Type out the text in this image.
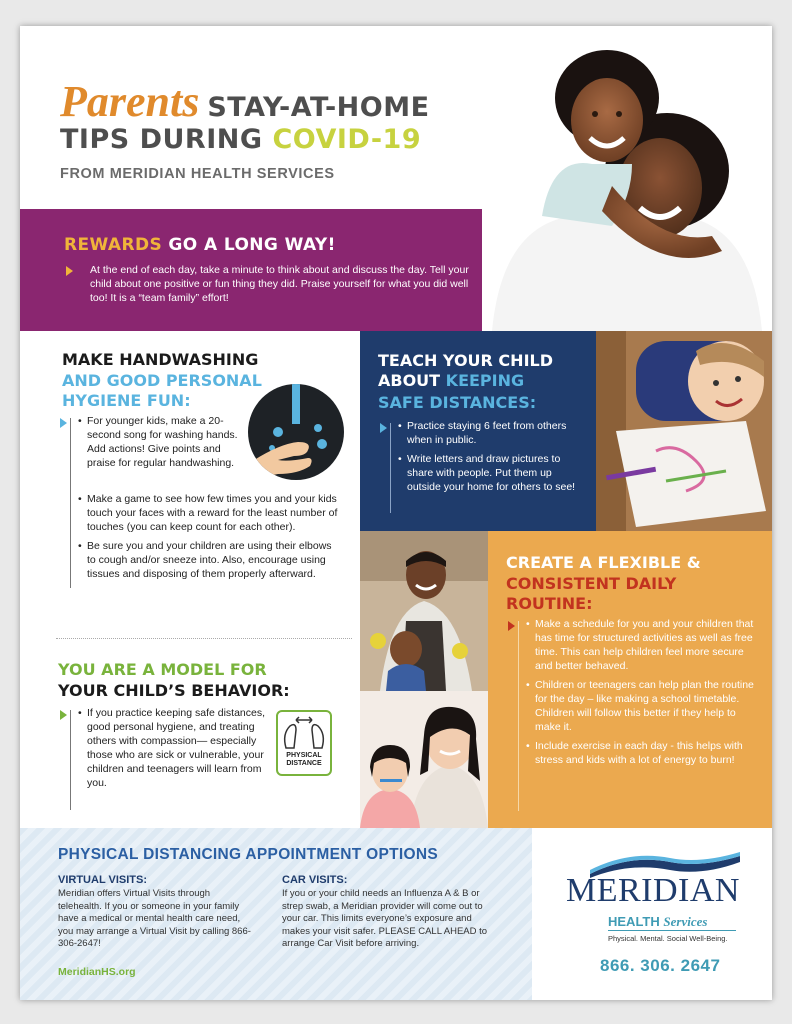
Parents STAY-AT-HOME
TIPS DURING COVID-19
FROM MERIDIAN HEALTH SERVICES
REWARDS GO A LONG WAY!
At the end of each day, take a minute to think about and discuss the day. Tell your child about one positive or fun thing they did. Praise yourself for what you did well too! It is a “team family” effort!
MAKE HANDWASHING
AND GOOD PERSONAL
HYGIENE FUN:

• For younger kids, make a 20-second song for washing hands. Add actions! Give points and praise for regular handwashing.

• Make a game to see how few times you and your kids touch your faces with a reward for the least number of touches (you can keep count for each other).

• Be sure you and your children are using their elbows to cough and/or sneeze into. Also, encourage using tissues and disposing of them properly afterward.

YOU ARE A MODEL FOR
YOUR CHILD’S BEHAVIOR:

• If you practice keeping safe distances, good personal hygiene, and treating others with compassion— especially those who are sick or vulnerable, your children and teenagers will learn from you.

PHYSICAL
DISTANCE
TEACH YOUR CHILD
ABOUT KEEPING
SAFE DISTANCES:

• Practice staying 6 feet from others when in public.

• Write letters and draw pictures to share with people. Put them up outside your home for others to see!

CREATE A FLEXIBLE &
CONSISTENT DAILY
ROUTINE:

• Make a schedule for you and your children that has time for structured activities as well as free time. This can help children feel more secure and better behaved.

• Children or teenagers can help plan the routine for the day – like making a school timetable. Children will follow this better if they help to make it.

• Include exercise in each day - this helps with stress and kids with a lot of energy to burn!

PHYSICAL DISTANCING APPOINTMENT OPTIONS
VIRTUAL VISITS:
Meridian offers Virtual Visits through telehealth. If you or someone in your family have a medical or mental health care need, you may arrange a Virtual Visit by calling 866-306-2647!
CAR VISITS:
If you or your child needs an Influenza A & B or strep swab, a Meridian provider will come out to your car. This limits everyone’s exposure and makes your visit safer. PLEASE CALL AHEAD to arrange Car Visit before arriving.
MeridianHS.org
MERIDIAN
HEALTH Services
Physical. Mental. Social Well-Being.
866. 306. 2647
